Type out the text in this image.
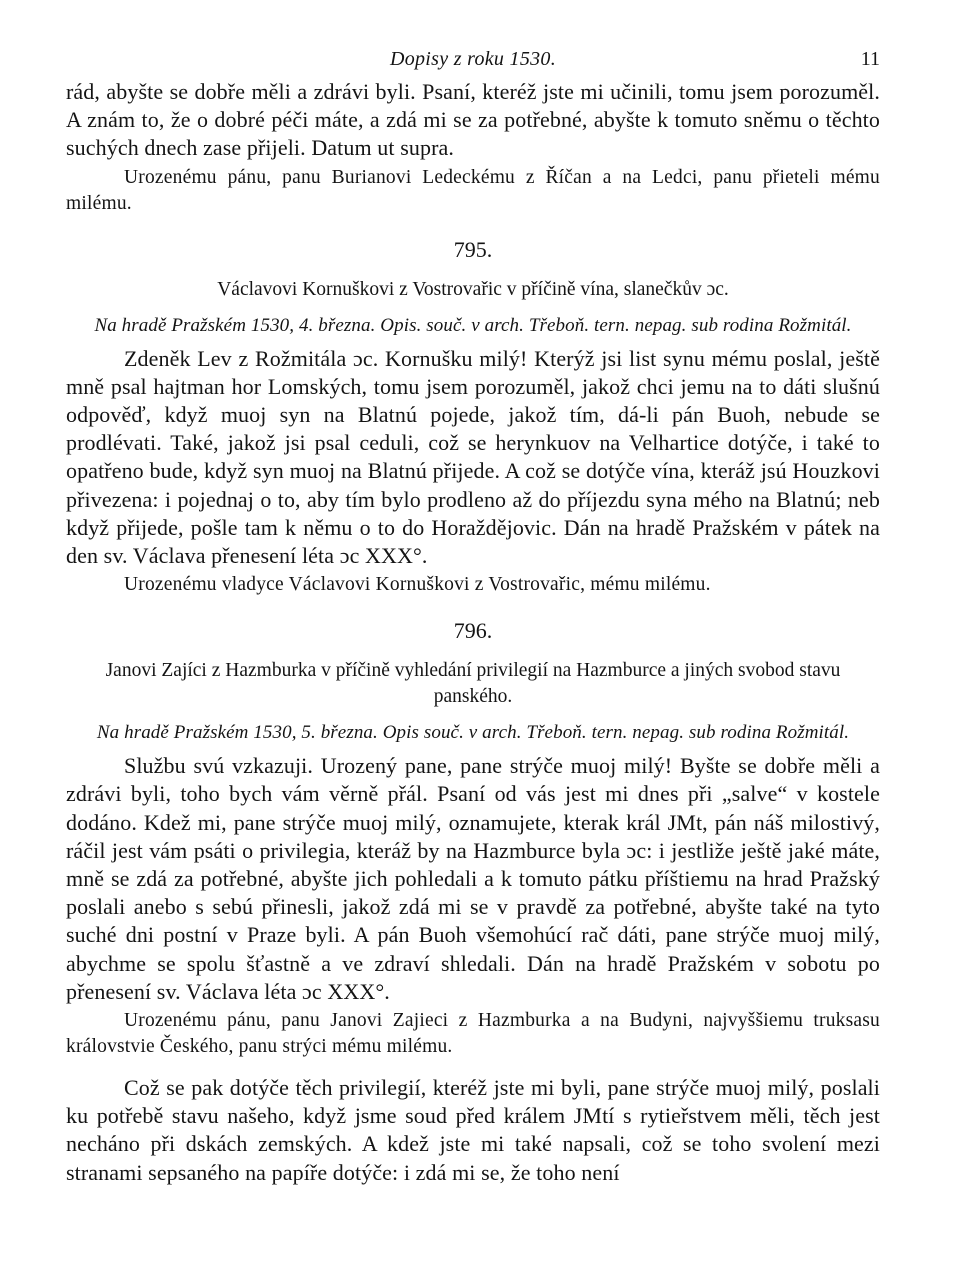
Dopisy z roku 1530.	11

rád, abyšte se dobře měli a zdrávi byli. Psaní, kteréž jste mi učinili, tomu jsem porozuměl. A znám to, že o dobré péči máte, a zdá mi se za potřebné, abyšte k tomuto sněmu o těchto suchých dnech zase přijeli. Datum ut supra.

Urozenému pánu, panu Burianovi Ledeckému z Říčan a na Ledci, panu přieteli mému milému.

795.
Václavovi Kornuškovi z Vostrovařic v příčině vína, slanečkův ɔc.
Na hradě Pražském 1530, 4. března. Opis. souč. v arch. Třeboň. tern. nepag. sub rodina Rožmitál.

Zdeněk Lev z Rožmitála ɔc. Kornušku milý! Kterýž jsi list synu mému poslal, ještě mně psal hajtman hor Lomských, tomu jsem porozuměl, jakož chci jemu na to dáti slušnú odpověď, když muoj syn na Blatnú pojede, jakož tím, dá-li pán Buoh, nebude se prodlévati. Také, jakož jsi psal ceduli, což se herynkuov na Velhartice dotýče, i také to opatřeno bude, když syn muoj na Blatnú přijede. A což se dotýče vína, kteráž jsú Houzkovi přivezena: i pojednaj o to, aby tím bylo prodleno až do příjezdu syna mého na Blatnú; neb když přijede, pošle tam k němu o to do Horaždějovic. Dán na hradě Pražském v pátek na den sv. Václava přenesení léta ɔc XXX°.

Urozenému vladyce Václavovi Kornuškovi z Vostrovařic, mému milému.

796.
Janovi Zajíci z Hazmburka v příčině vyhledání privilegií na Hazmburce a jiných svobod stavu panského.
Na hradě Pražském 1530, 5. března. Opis souč. v arch. Třeboň. tern. nepag. sub rodina Rožmitál.

Službu svú vzkazuji. Urozený pane, pane strýče muoj milý! Byšte se dobře měli a zdrávi byli, toho bych vám věrně přál. Psaní od vás jest mi dnes při „salve“ v kostele dodáno. Kdež mi, pane strýče muoj milý, oznamujete, kterak král JMt, pán náš milostivý, ráčil jest vám psáti o privilegia, kteráž by na Hazmburce byla ɔc: i jestliže ještě jaké máte, mně se zdá za potřebné, abyšte jich pohledali a k tomuto pátku příštiemu na hrad Pražský poslali anebo s sebú přinesli, jakož zdá mi se v pravdě za potřebné, abyšte také na tyto suché dni postní v Praze byli. A pán Buoh všemohúcí rač dáti, pane strýče muoj milý, abychme se spolu šťastně a ve zdraví shledali. Dán na hradě Pražském v sobotu po přenesení sv. Václava léta ɔc XXX°.

Urozenému pánu, panu Janovi Zajieci z Hazmburka a na Budyni, najvyššiemu truksasu královstvie Českého, panu strýci mému milému.

Což se pak dotýče těch privilegií, kteréž jste mi byli, pane strýče muoj milý, poslali ku potřebě stavu našeho, když jsme soud před králem JMtí s rytieřstvem měli, těch jest necháno při dskách zemských. A kdež jste mi také napsali, což se toho svolení mezi stranami sepsaného na papíře dotýče: i zdá mi se, že toho není
